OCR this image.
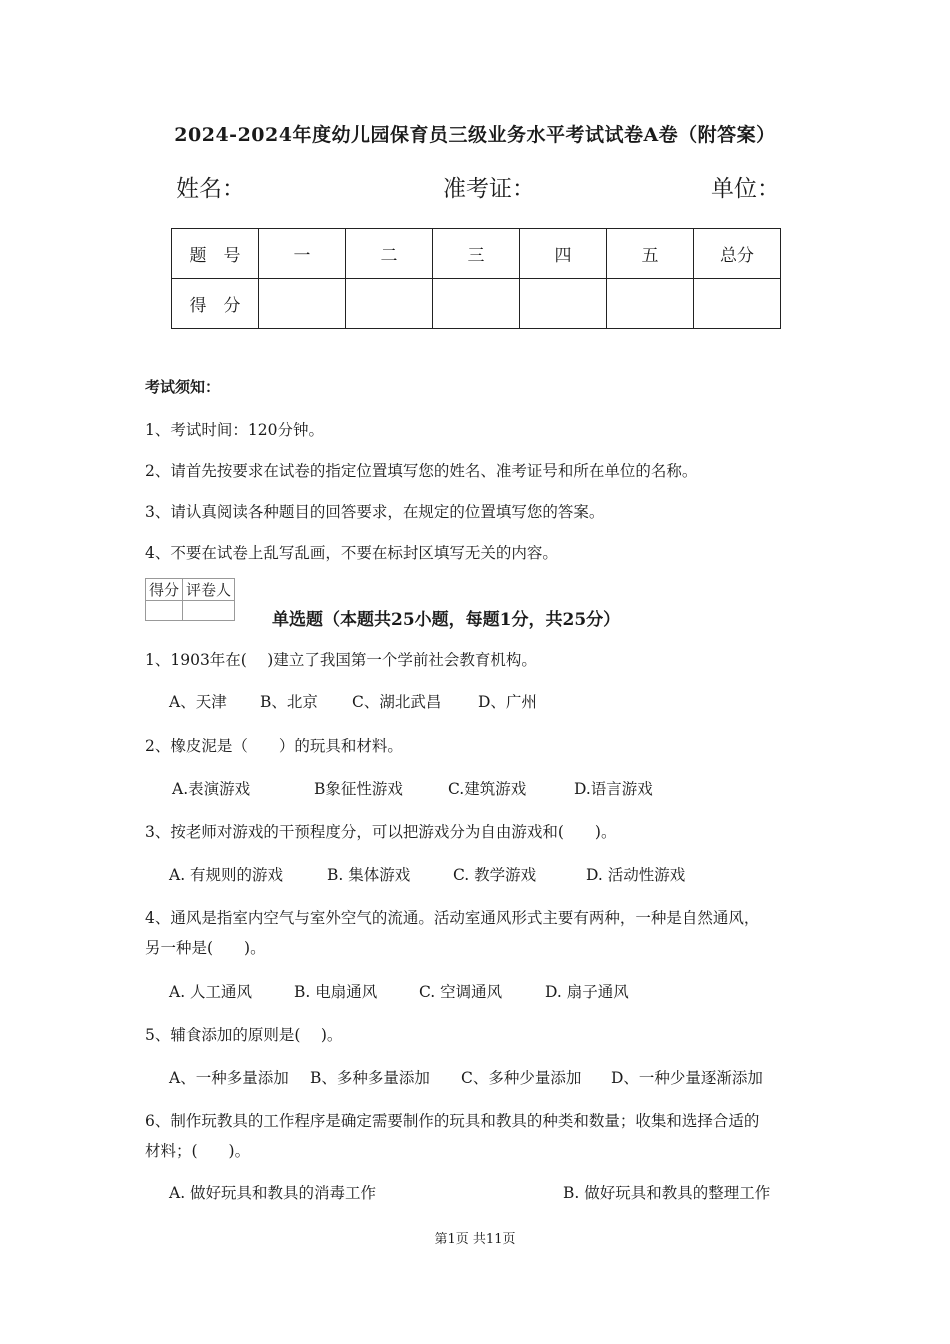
2024-2024年度幼儿园保育员三级业务水平考试试卷A卷（附答案）
姓名：	准考证：	单位：
题　号	一	二	三	四	五	总分
得　分						
考试须知：
1、考试时间：120分钟。
2、请首先按要求在试卷的指定位置填写您的姓名、准考证号和所在单位的名称。
3、请认真阅读各种题目的回答要求，在规定的位置填写您的答案。
4、不要在试卷上乱写乱画，不要在标封区填写无关的内容。
得分	评卷人

单选题（本题共25小题，每题1分，共25分）
1、1903年在(　 )建立了我国第一个学前社会教育机构。
A、天津 B、北京 C、湖北武昌 D、广州
2、橡皮泥是（　　）的玩具和材料。
A.表演游戏	B象征性游戏	C.建筑游戏	D.语言游戏
3、按老师对游戏的干预程度分，可以把游戏分为自由游戏和(　　)。
A. 有规则的游戏	B. 集体游戏	C. 教学游戏	D. 活动性游戏
4、通风是指室内空气与室外空气的流通。活动室通风形式主要有两种，一种是自然通风，
另一种是(　　)。
A. 人工通风	B. 电扇通风	C. 空调通风	D. 扇子通风
5、辅食添加的原则是(　 )。
A、一种多量添加 B、多种多量添加 C、多种少量添加 D、一种少量逐渐添加
6、制作玩教具的工作程序是确定需要制作的玩具和教具的种类和数量；收集和选择合适的
材料；(　　)。
A. 做好玩具和教具的消毒工作	B. 做好玩具和教具的整理工作
第1页 共11页
